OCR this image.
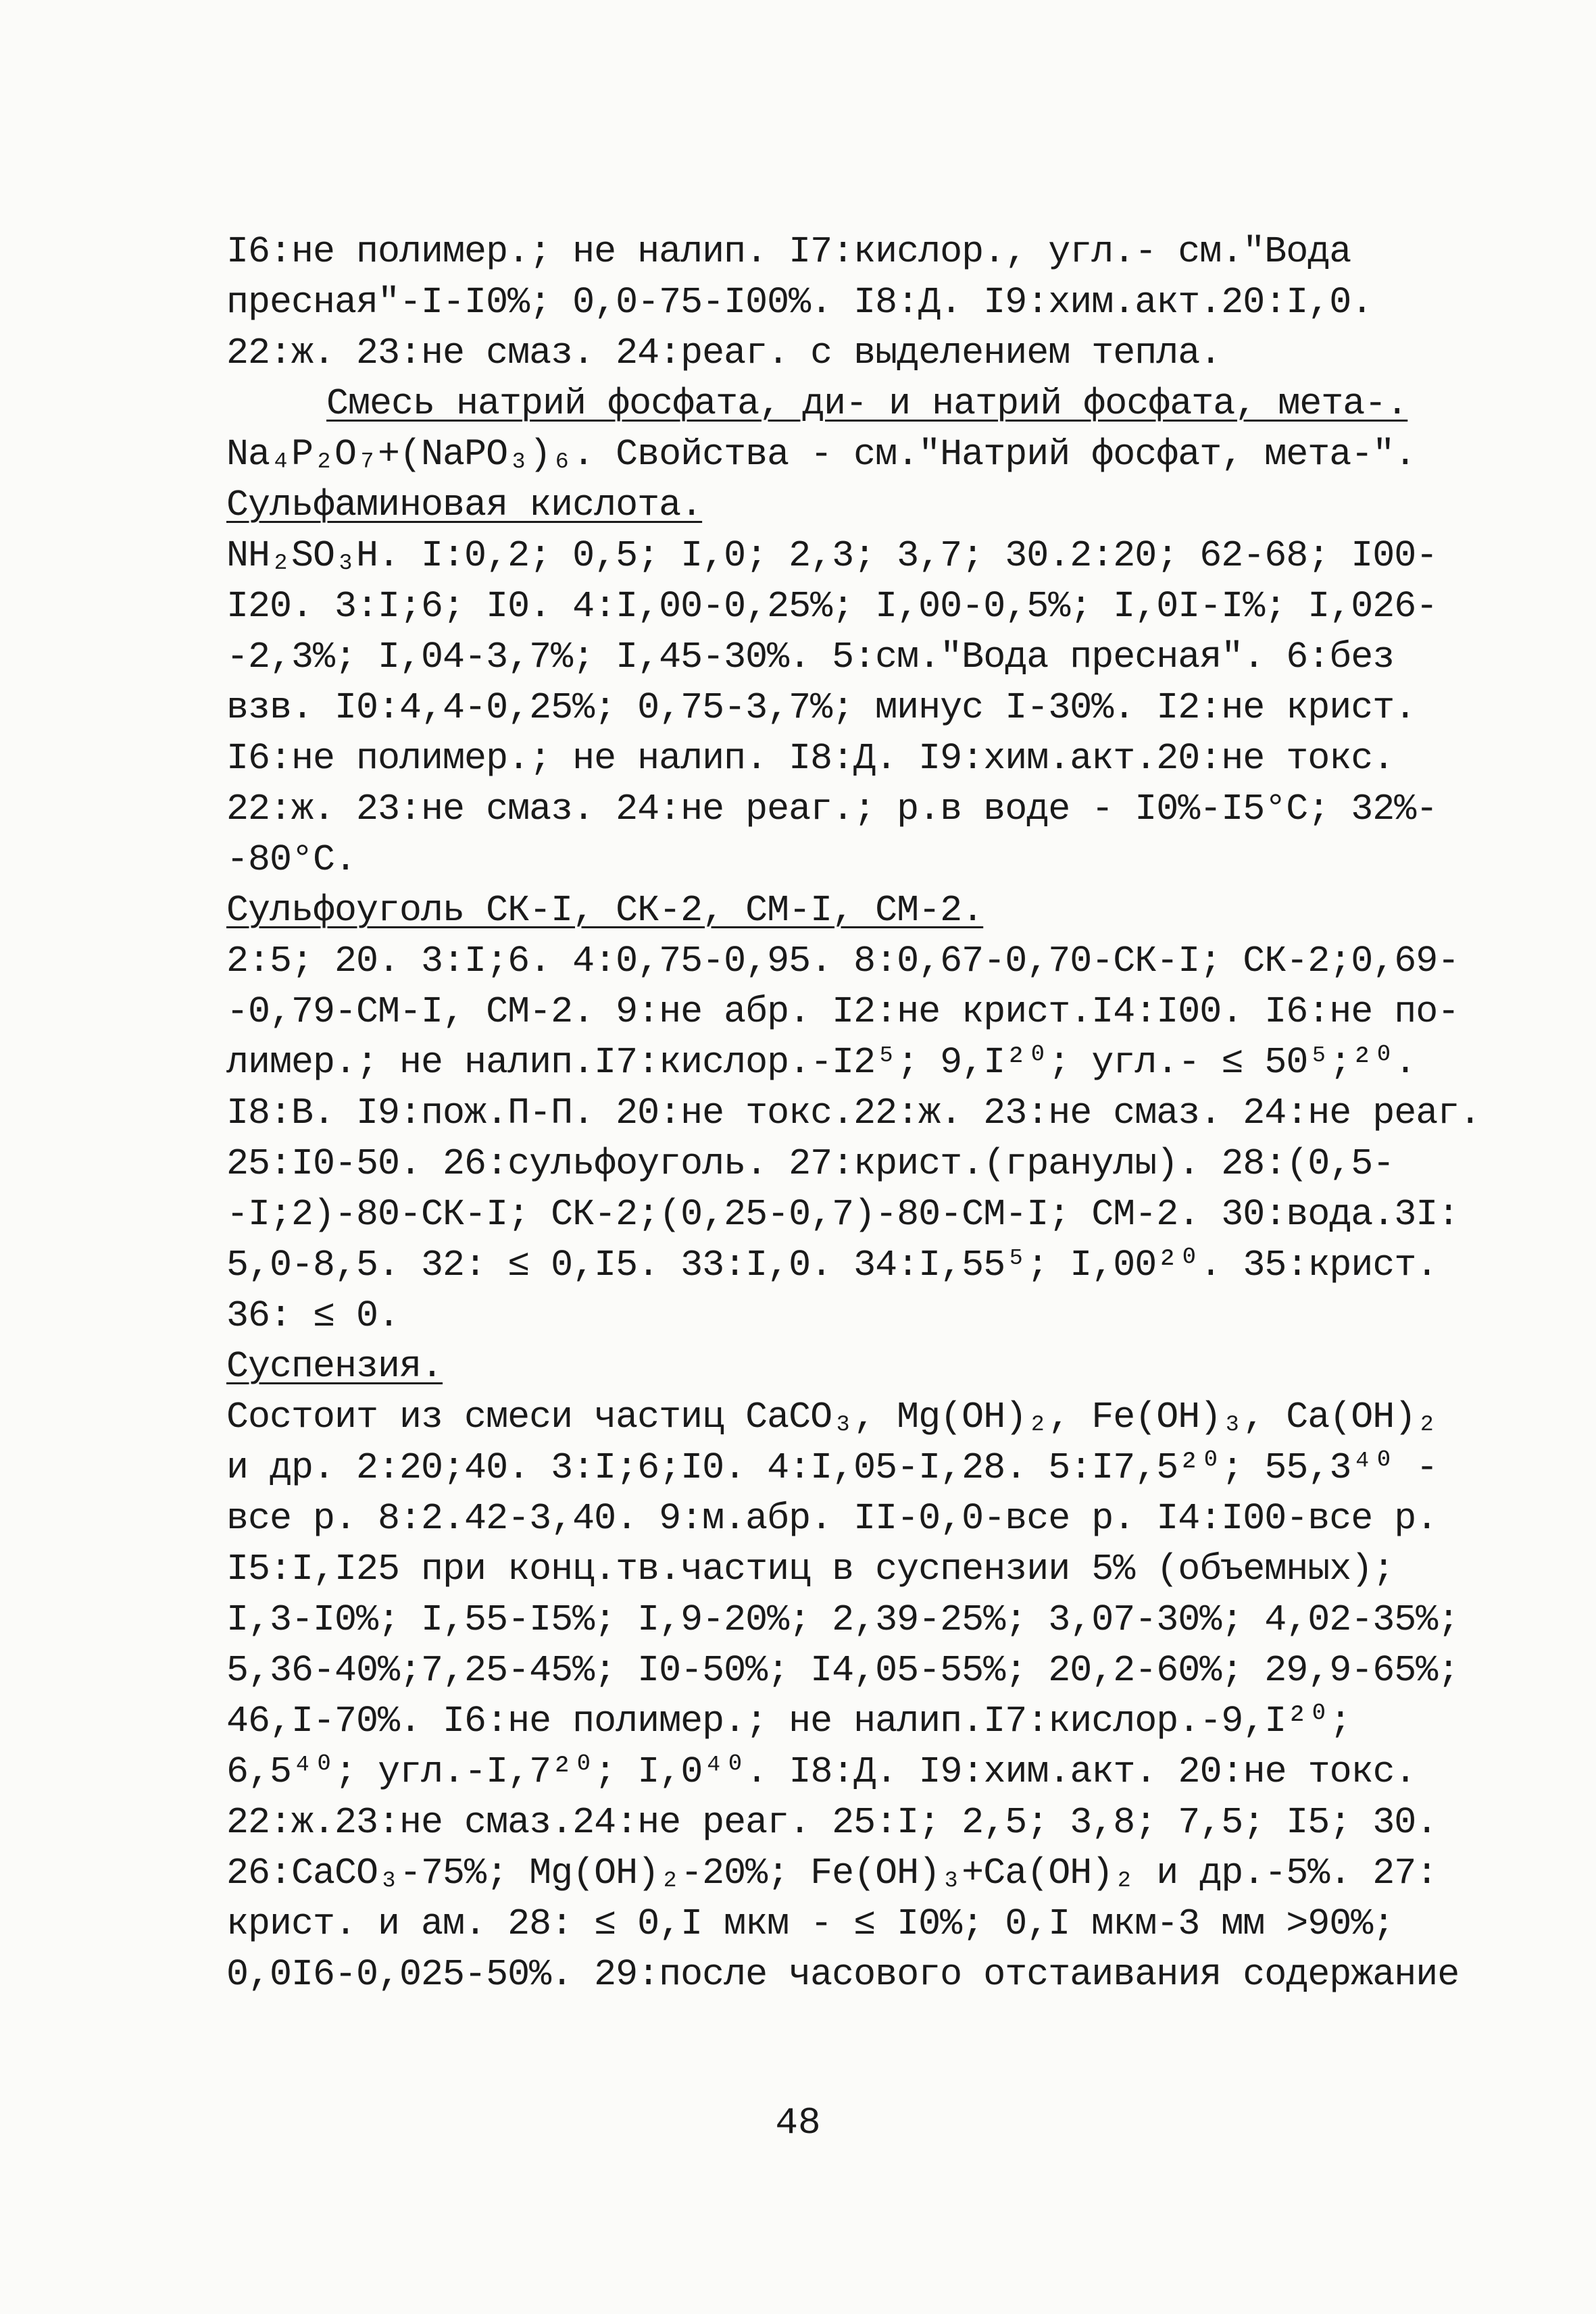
I6:не полимер.; не налип. I7:кислор., угл.- см."Вода
пресная"-I-I0%; 0,0-75-I00%. I8:Д. I9:хим.акт.20:I,0.
22:ж. 23:не смаз. 24:реаг. с выделением тепла.
Смесь натрий фосфата, ди- и натрий фосфата, мета-.
Na₄P₂O₇+(NaPO₃)₆. Свойства - см."Натрий фосфат, мета-".
Сульфаминовая кислота.
NH₂SO₃H. I:0,2; 0,5; I,0; 2,3; 3,7; 30.2:20; 62-68; I00-
I20. 3:I;6; I0. 4:I,00-0,25%; I,00-0,5%; I,0I-I%; I,026-
-2,3%; I,04-3,7%; I,45-30%. 5:см."Вода пресная". 6:без
взв. I0:4,4-0,25%; 0,75-3,7%; минус I-30%. I2:не крист.
I6:не полимер.; не налип. I8:Д. I9:хим.акт.20:не токс.
22:ж. 23:не смаз. 24:не реаг.; р.в воде - I0%-I5°C; 32%-
-80°C.
Сульфоуголь СК-I, СК-2, СМ-I, СМ-2.
2:5; 20. 3:I;6. 4:0,75-0,95. 8:0,67-0,70-СК-I; СК-2;0,69-
-0,79-СМ-I, СМ-2. 9:не абр. I2:не крист.I4:I00. I6:не по-
лимер.; не налип.I7:кислор.-I2⁵; 9,I²⁰; угл.- ≤ 50⁵;²⁰.
I8:В. I9:пож.П-П. 20:не токс.22:ж. 23:не смаз. 24:не реаг.
25:I0-50. 26:сульфоуголь. 27:крист.(гранулы). 28:(0,5-
-I;2)-80-СК-I; СК-2;(0,25-0,7)-80-СМ-I; СМ-2. 30:вода.3I:
5,0-8,5. 32: ≤ 0,I5. 33:I,0. 34:I,55⁵; I,00²⁰. 35:крист.
36: ≤ 0.
Суспензия.
Состоит из смеси частиц CaCO₃, Mg(OH)₂, Fe(OH)₃, Ca(OH)₂
и др. 2:20;40. 3:I;6;I0. 4:I,05-I,28. 5:I7,5²⁰; 55,3⁴⁰ -
все р. 8:2.42-3,40. 9:м.абр. II-0,0-все р. I4:I00-все р.
I5:I,I25 при конц.тв.частиц в суспензии 5% (объемных);
I,3-I0%; I,55-I5%; I,9-20%; 2,39-25%; 3,07-30%; 4,02-35%;
5,36-40%;7,25-45%; I0-50%; I4,05-55%; 20,2-60%; 29,9-65%;
46,I-70%. I6:не полимер.; не налип.I7:кислор.-9,I²⁰;
6,5⁴⁰; угл.-I,7²⁰; I,0⁴⁰. I8:Д. I9:хим.акт. 20:не токс.
22:ж.23:не смаз.24:не реаг. 25:I; 2,5; 3,8; 7,5; I5; 30.
26:CaCO₃-75%; Mg(OH)₂-20%; Fe(OH)₃+Ca(OH)₂ и др.-5%. 27:
крист. и ам. 28: ≤ 0,I мкм - ≤ I0%; 0,I мкм-3 мм >90%;
0,0I6-0,025-50%. 29:после часового отстаивания содержание
48
